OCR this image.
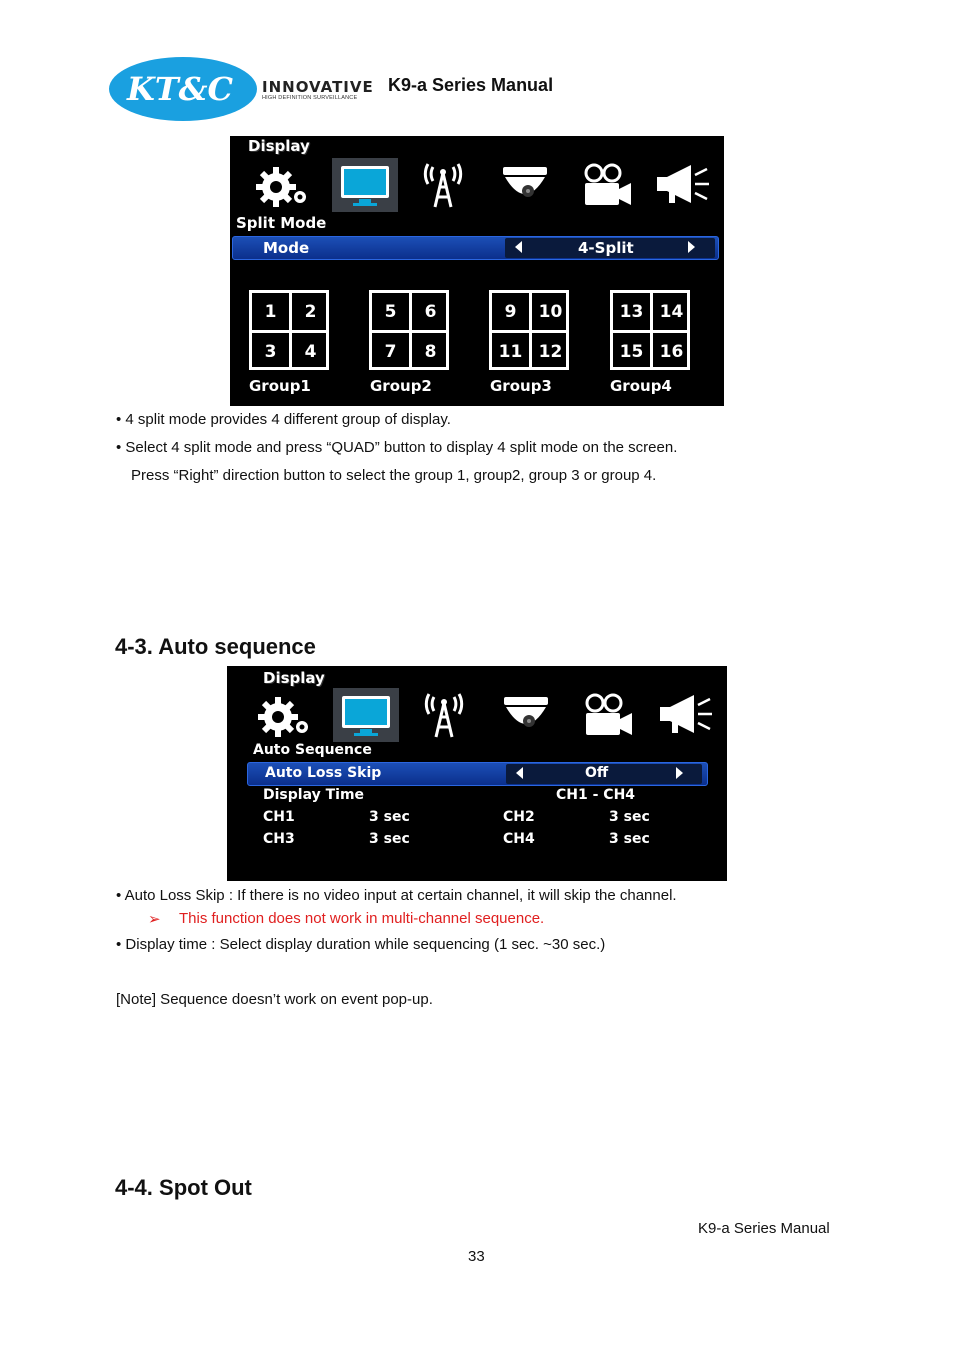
KT&C INNOVATIVE
HIGH DEFINITION SURVEILLANCE
K9-a Series Manual
Display
Split Mode
Mode	4-Split
1	2
3	4
Group1
5	6
7	8
Group2
9	10
11 12
Group3
13 14
15 16
Group4
• 4 split mode provides 4 different group of display.
• Select 4 split mode and press “QUAD” button to display 4 split mode on the screen.
Press “Right” direction button to select the group 1, group2, group 3 or group 4.
4-3. Auto sequence
Display
Auto Sequence
Auto Loss Skip	Off
Display Time	CH1 - CH4
CH1	3 sec	CH2	3 sec
CH3	3 sec	CH4	3 sec
• Auto Loss Skip : If there is no video input at certain channel, it will skip the channel.
➢ This function does not work in multi-channel sequence.
• Display time : Select display duration while sequencing (1 sec. ~30 sec.)
[Note] Sequence doesn’t work on event pop-up.
4-4. Spot Out
K9-a Series Manual
33
